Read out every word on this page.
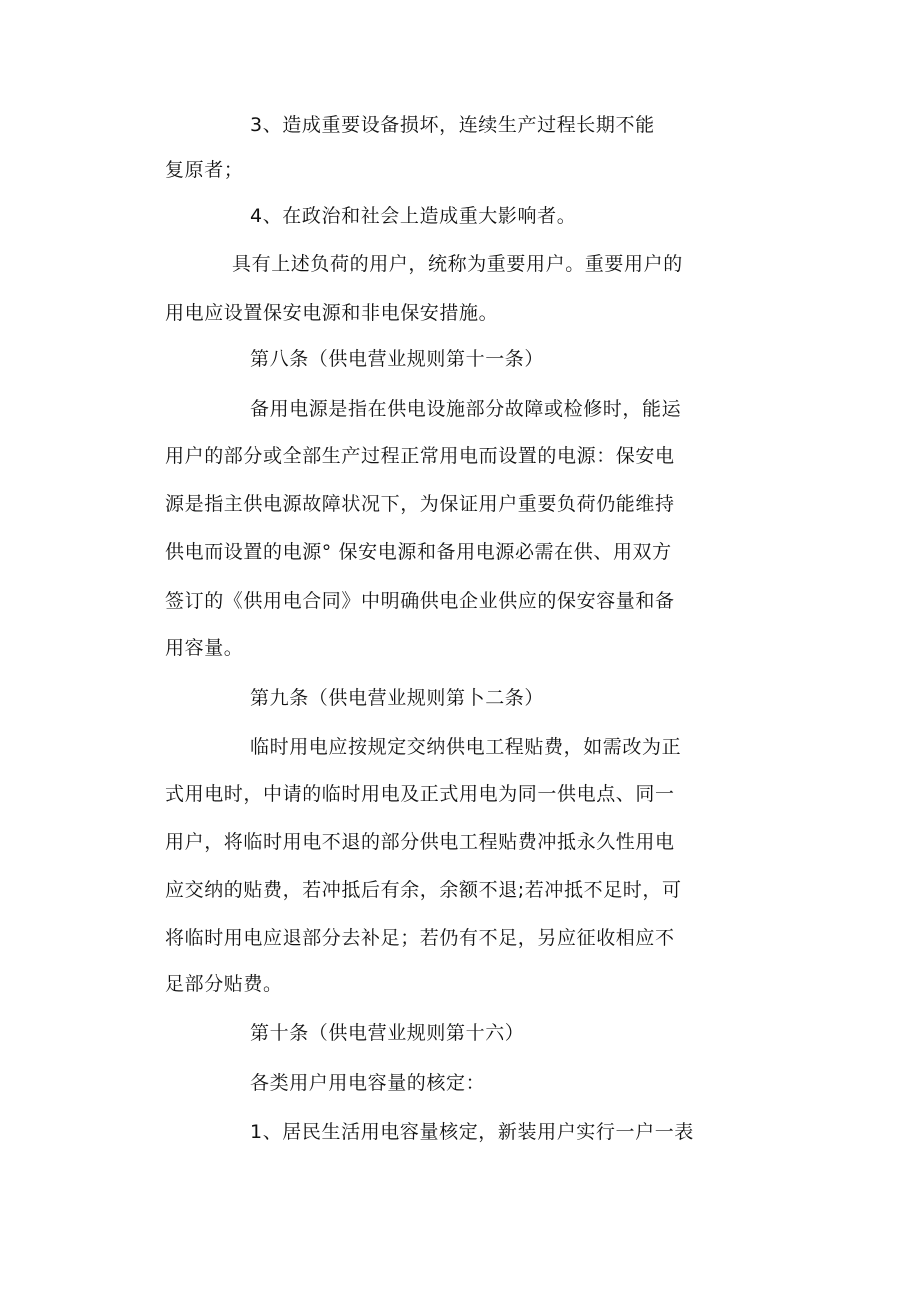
3、造成重要设备损坏，连续生产过程长期不能
复原者；
4、在政治和社会上造成重大影响者。
具有上述负荷的用户，统称为重要用户。重要用户的
用电应设置保安电源和非电保安措施。
第八条（供电营业规则第十一条）
备用电源是指在供电设施部分故障或检修时，能运
用户的部分或全部生产过程正常用电而设置的电源：保安电
源是指主供电源故障状况下，为保证用户重要负荷仍能维持
供电而设置的电源° 保安电源和备用电源必需在供、用双方
签订的《供用电合同》中明确供电企业供应的保安容量和备
用容量。
第九条（供电营业规则第卜二条）
临时用电应按规定交纳供电工程贴费，如需改为正
式用电时，中请的临时用电及正式用电为同一供电点、同一
用户，将临时用电不退的部分供电工程贴费冲抵永久性用电
应交纳的贴费，若冲抵后有余，余额不退;若冲抵不足时，可
将临时用电应退部分去补足；若仍有不足，另应征收相应不
足部分贴费。
第十条（供电营业规则第十六）
各类用户用电容量的核定：
1、居民生活用电容量核定，新装用户实行一户一表
